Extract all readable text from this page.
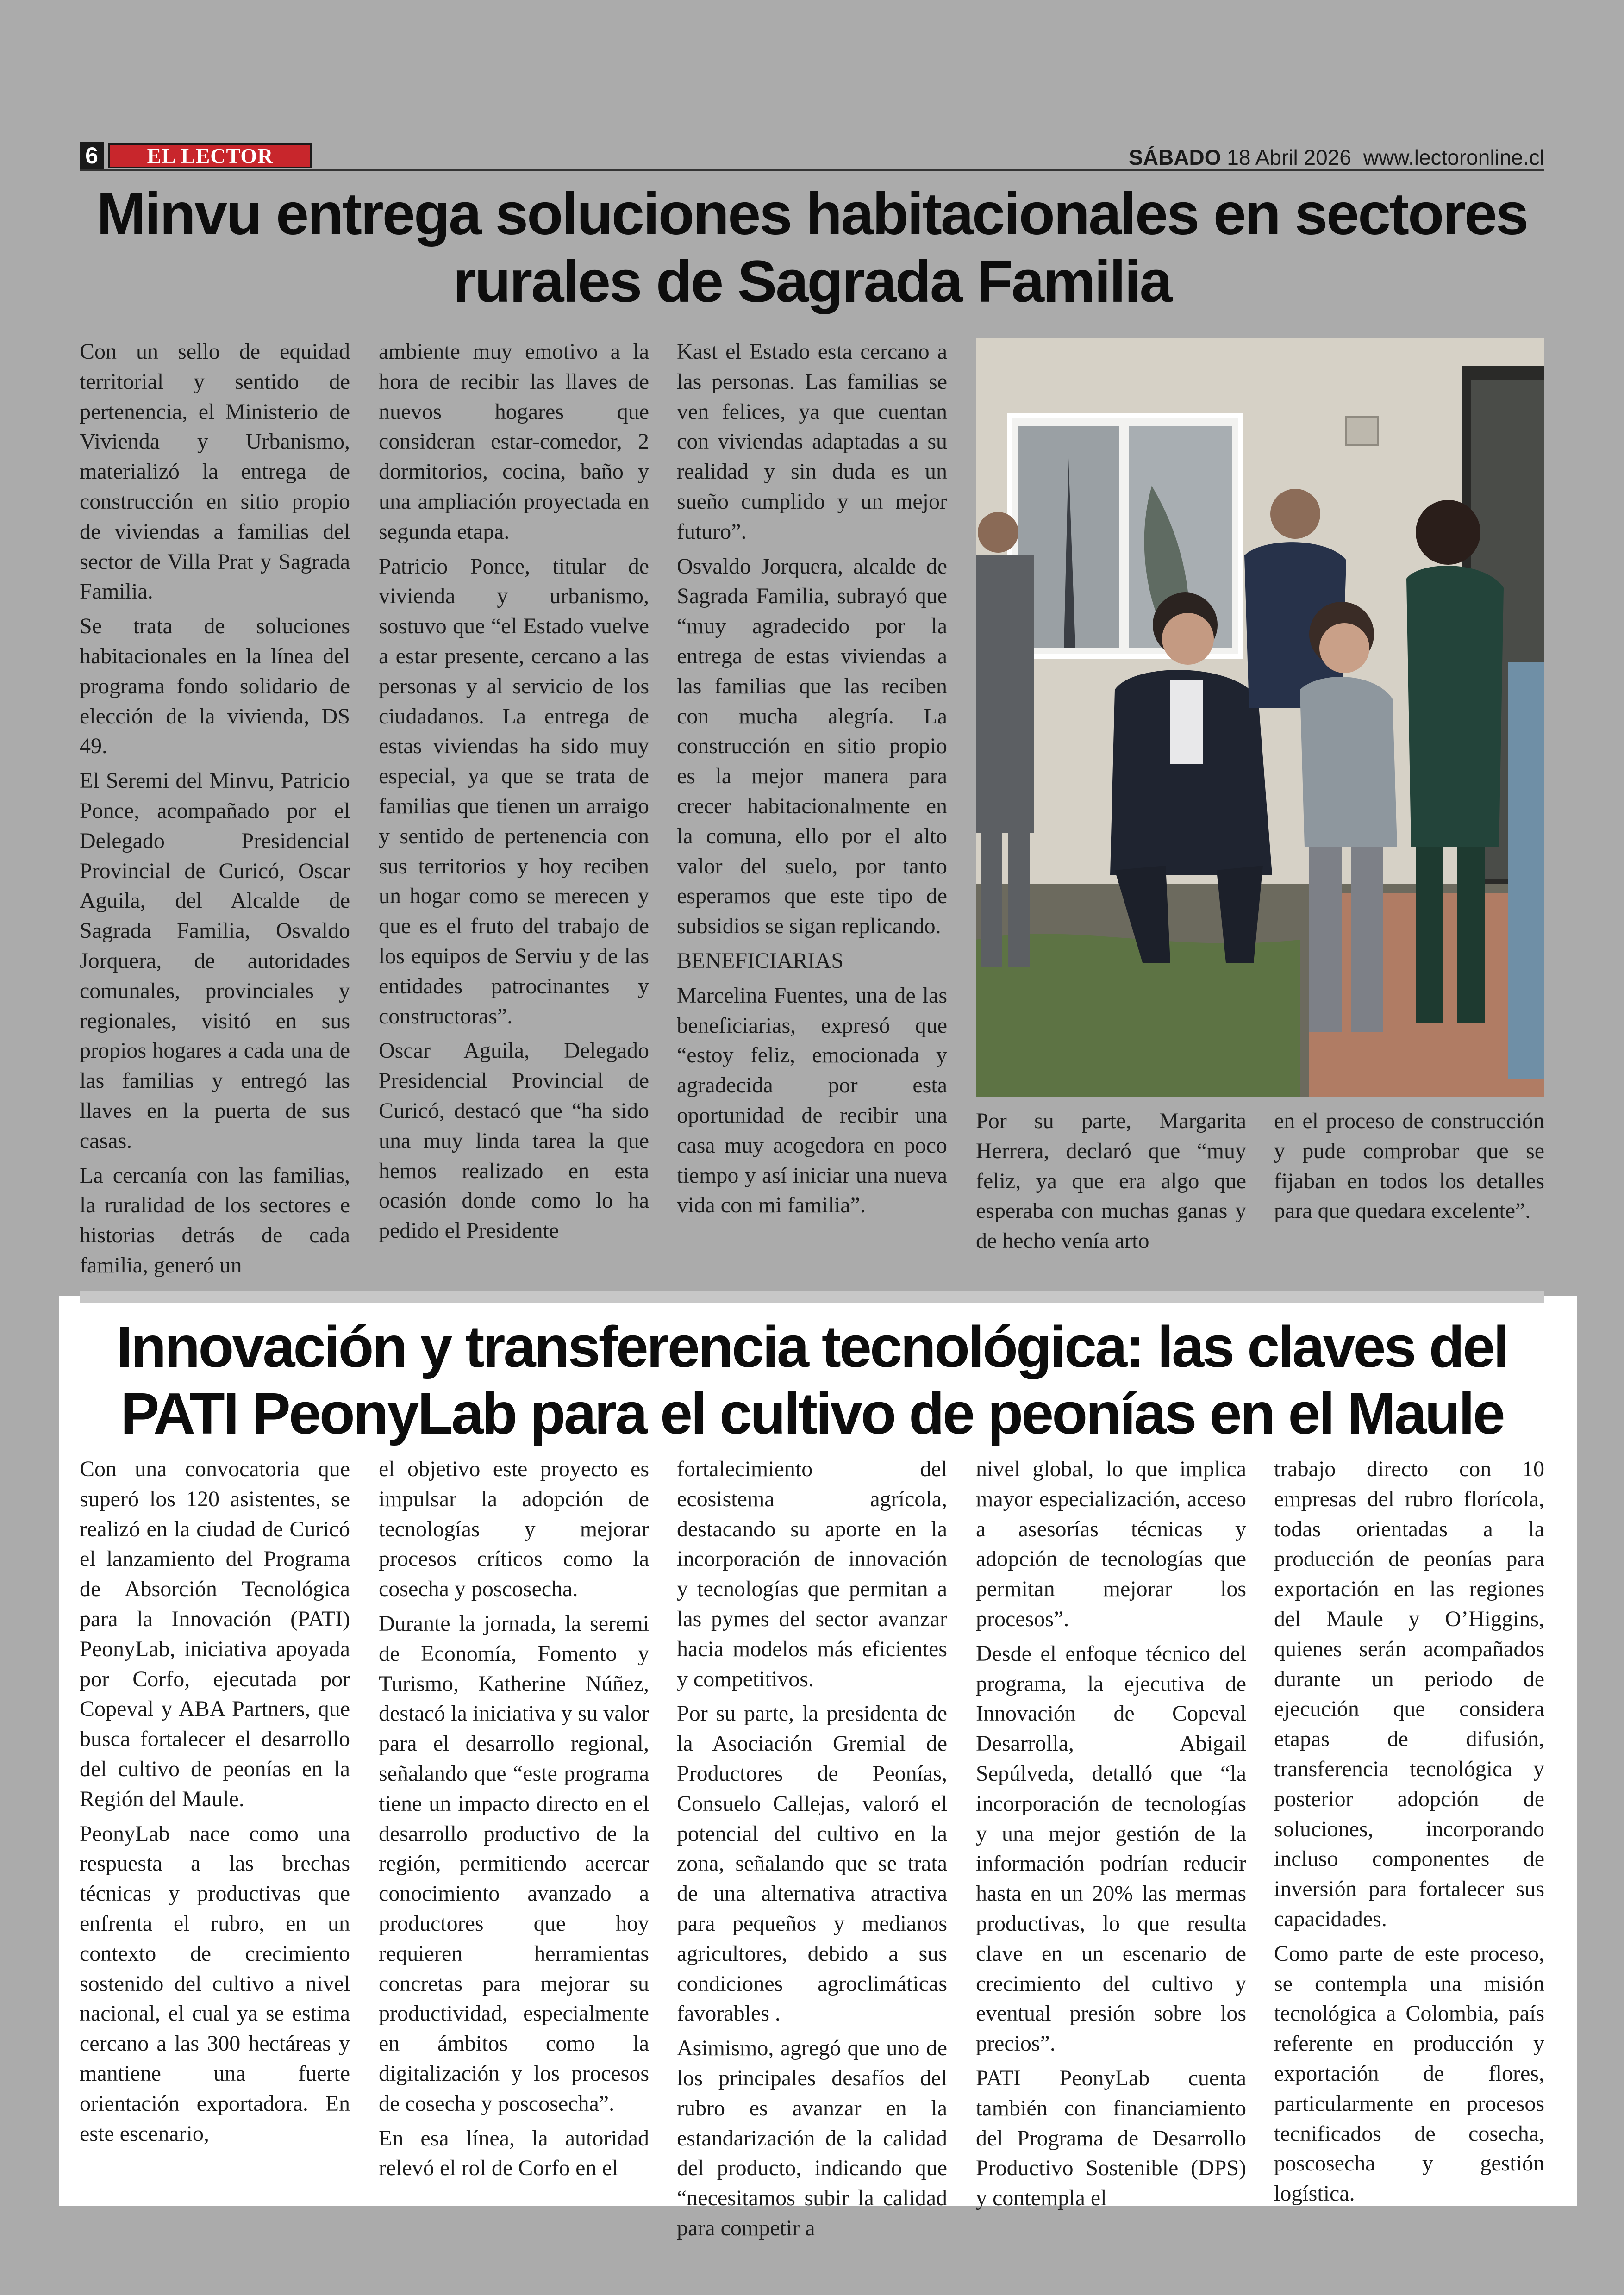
6	EL LECTOR	SÁBADO 18 Abril 2026 www.lectoronline.cl
Minvu entrega soluciones habitacionales en sectores rurales de Sagrada Familia

Con un sello de equidad territorial y sentido de pertenencia, el Ministerio de Vivienda y Urbanismo, materializó la entrega de construcción en sitio propio de viviendas a familias del sector de Villa Prat y Sagrada Familia.

Se trata de soluciones habitacionales en la línea del programa fondo solidario de elección de la vivienda, DS 49.

El Seremi del Minvu, Patricio Ponce, acompañado por el Delegado Presidencial Provincial de Curicó, Oscar Aguila, del Alcalde de Sagrada Familia, Osvaldo Jorquera, de autoridades comunales, provinciales y regionales, visitó en sus propios hogares a cada una de las familias y entregó las llaves en la puerta de sus casas.

La cercanía con las familias, la ruralidad de los sectores e historias detrás de cada familia, generó un

ambiente muy emotivo a la hora de recibir las llaves de nuevos hogares que consideran estar-comedor, 2 dormitorios, cocina, baño y una ampliación proyectada en segunda etapa.

Patricio Ponce, titular de vivienda y urbanismo, sostuvo que “el Estado vuelve a estar presente, cercano a las personas y al servicio de los ciudadanos. La entrega de estas viviendas ha sido muy especial, ya que se trata de familias que tienen un arraigo y sentido de pertenencia con sus territorios y hoy reciben un hogar como se merecen y que es el fruto del trabajo de los equipos de Serviu y de las entidades patrocinantes y constructoras”.

Oscar Aguila, Delegado Presidencial Provincial de Curicó, destacó que “ha sido una muy linda tarea la que hemos realizado en esta ocasión donde como lo ha pedido el Presidente

Kast el Estado esta cercano a las personas. Las familias se ven felices, ya que cuentan con viviendas adaptadas a su realidad y sin duda es un sueño cumplido y un mejor futuro”.

Osvaldo Jorquera, alcalde de Sagrada Familia, subrayó que “muy agradecido por la entrega de estas viviendas a las familias que las reciben con mucha alegría. La construcción en sitio propio es la mejor manera para crecer habitacionalmente en la comuna, ello por el alto valor del suelo, por tanto esperamos que este tipo de subsidios se sigan replicando.

BENEFICIARIAS

Marcelina Fuentes, una de las beneficiarias, expresó que “estoy feliz, emocionada y agradecida por esta oportunidad de recibir una casa muy acogedora en poco tiempo y así iniciar una nueva vida con mi familia”.

Por su parte, Margarita Herrera, declaró que “muy feliz, ya que era algo que esperaba con muchas ganas y de hecho venía arto

en el proceso de construcción y pude comprobar que se fijaban en todos los detalles para que quedara excelente”.

Innovación y transferencia tecnológica: las claves del PATI PeonyLab para el cultivo de peonías en el Maule

Con una convocatoria que superó los 120 asistentes, se realizó en la ciudad de Curicó el lanzamiento del Programa de Absorción Tecnológica para la Innovación (PATI) PeonyLab, iniciativa apoyada por Corfo, ejecutada por Copeval y ABA Partners, que busca fortalecer el desarrollo del cultivo de peonías en la Región del Maule.

PeonyLab nace como una respuesta a las brechas técnicas y productivas que enfrenta el rubro, en un contexto de crecimiento sostenido del cultivo a nivel nacional, el cual ya se estima cercano a las 300 hectáreas y mantiene una fuerte orientación exportadora. En este escenario,

el objetivo este proyecto es impulsar la adopción de tecnologías y mejorar procesos críticos como la cosecha y poscosecha.

Durante la jornada, la seremi de Economía, Fomento y Turismo, Katherine Núñez, destacó la iniciativa y su valor para el desarrollo regional, señalando que “este programa tiene un impacto directo en el desarrollo productivo de la región, permitiendo acercar conocimiento avanzado a productores que hoy requieren herramientas concretas para mejorar su productividad, especialmente en ámbitos como la digitalización y los procesos de cosecha y poscosecha”.

En esa línea, la autoridad relevó el rol de Corfo en el

fortalecimiento del ecosistema agrícola, destacando su aporte en la incorporación de innovación y tecnologías que permitan a las pymes del sector avanzar hacia modelos más eficientes y competitivos.

Por su parte, la presidenta de la Asociación Gremial de Productores de Peonías, Consuelo Callejas, valoró el potencial del cultivo en la zona, señalando que se trata de una alternativa atractiva para pequeños y medianos agricultores, debido a sus condiciones agroclimáticas favorables .

Asimismo, agregó que uno de los principales desafíos del rubro es avanzar en la estandarización de la calidad del producto, indicando que “necesitamos subir la calidad para competir a

nivel global, lo que implica mayor especialización, acceso a asesorías técnicas y adopción de tecnologías que permitan mejorar los procesos”.

Desde el enfoque técnico del programa, la ejecutiva de Innovación de Copeval Desarrolla, Abigail Sepúlveda, detalló que “la incorporación de tecnologías y una mejor gestión de la información podrían reducir hasta en un 20% las mermas productivas, lo que resulta clave en un escenario de crecimiento del cultivo y eventual presión sobre los precios”.

PATI PeonyLab cuenta también con financiamiento del Programa de Desarrollo Productivo Sostenible (DPS) y contempla el

trabajo directo con 10 empresas del rubro florícola, todas orientadas a la producción de peonías para exportación en las regiones del Maule y O’Higgins, quienes serán acompañados durante un periodo de ejecución que considera etapas de difusión, transferencia tecnológica y posterior adopción de soluciones, incorporando incluso componentes de inversión para fortalecer sus capacidades.

Como parte de este proceso, se contempla una misión tecnológica a Colombia, país referente en producción y exportación de flores, particularmente en procesos tecnificados de cosecha, poscosecha y gestión logística.
